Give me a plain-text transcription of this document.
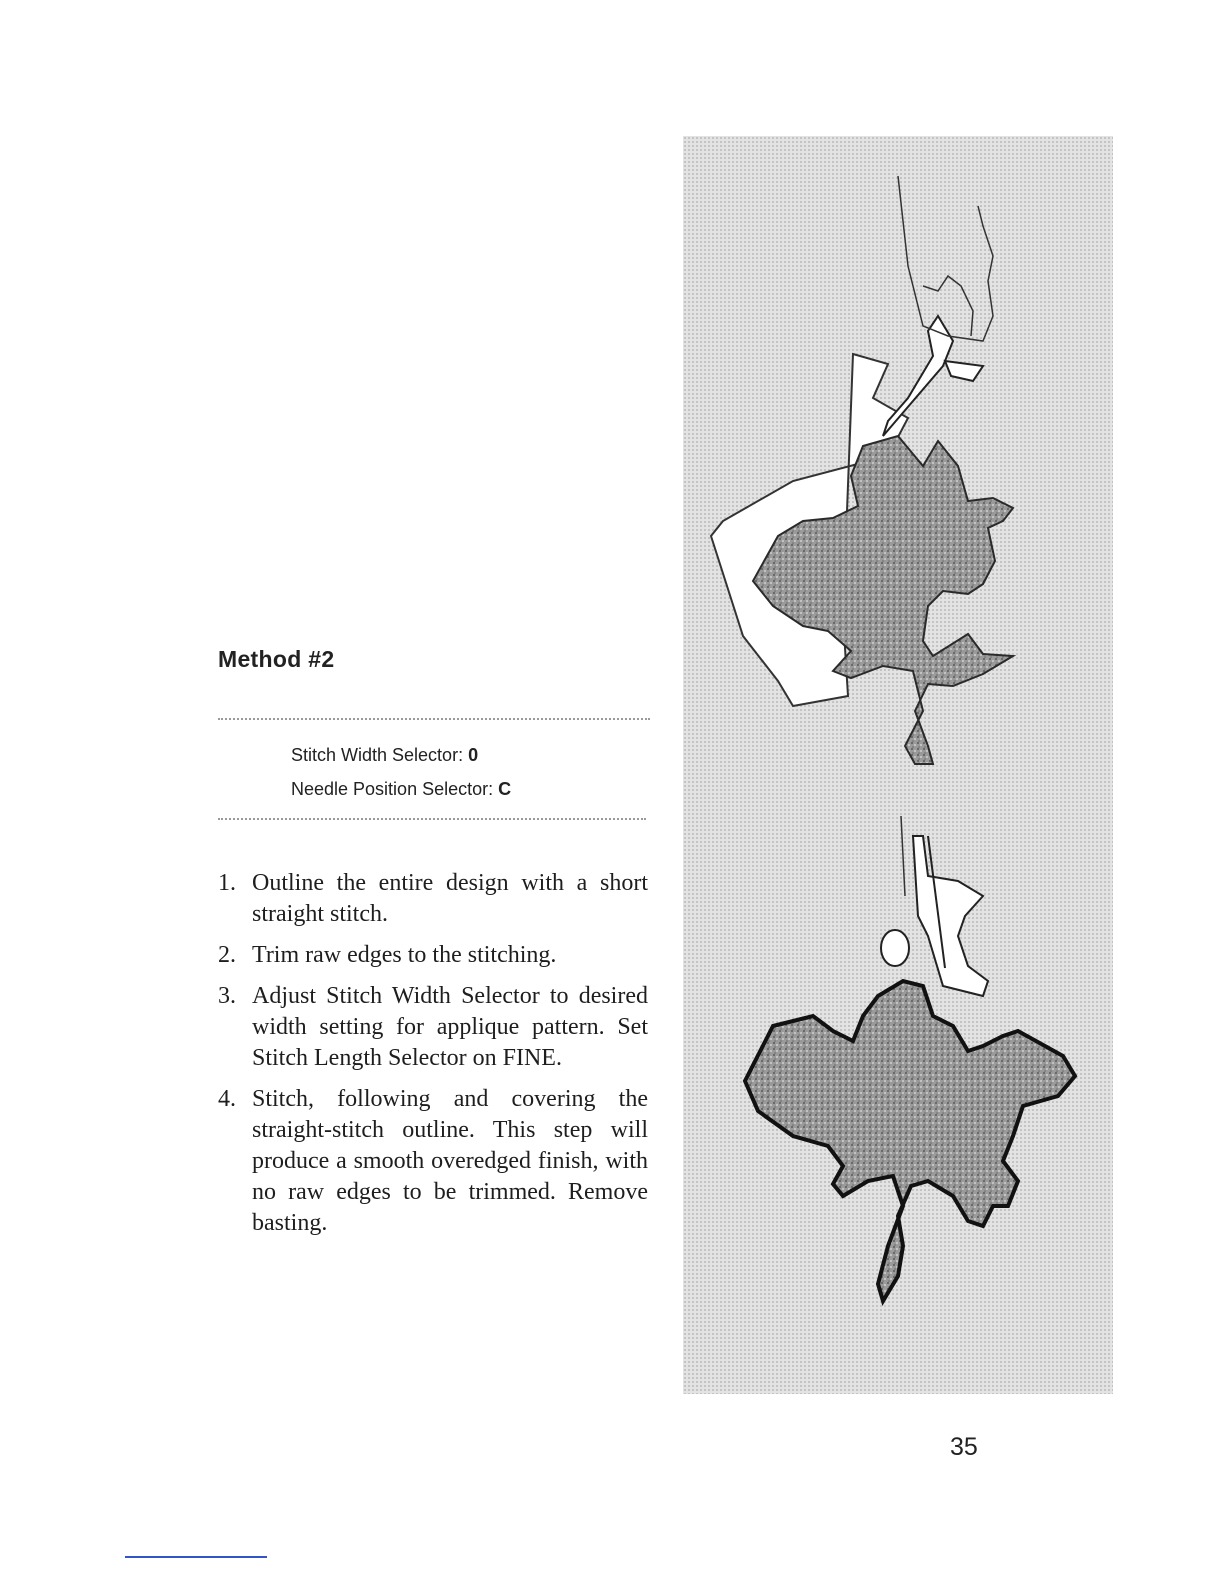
Method #2
Stitch Width Selector: 0
Needle Position Selector: C
1. Outline the entire design with a short straight stitch.
2. Trim raw edges to the stitching.
3. Adjust Stitch Width Selector to desired width setting for applique pattern. Set Stitch Length Selector on FINE.
4. Stitch, following and covering the straight-stitch outline. This step will produce a smooth overedged finish, with no raw edges to be trimmed. Remove basting.
35
